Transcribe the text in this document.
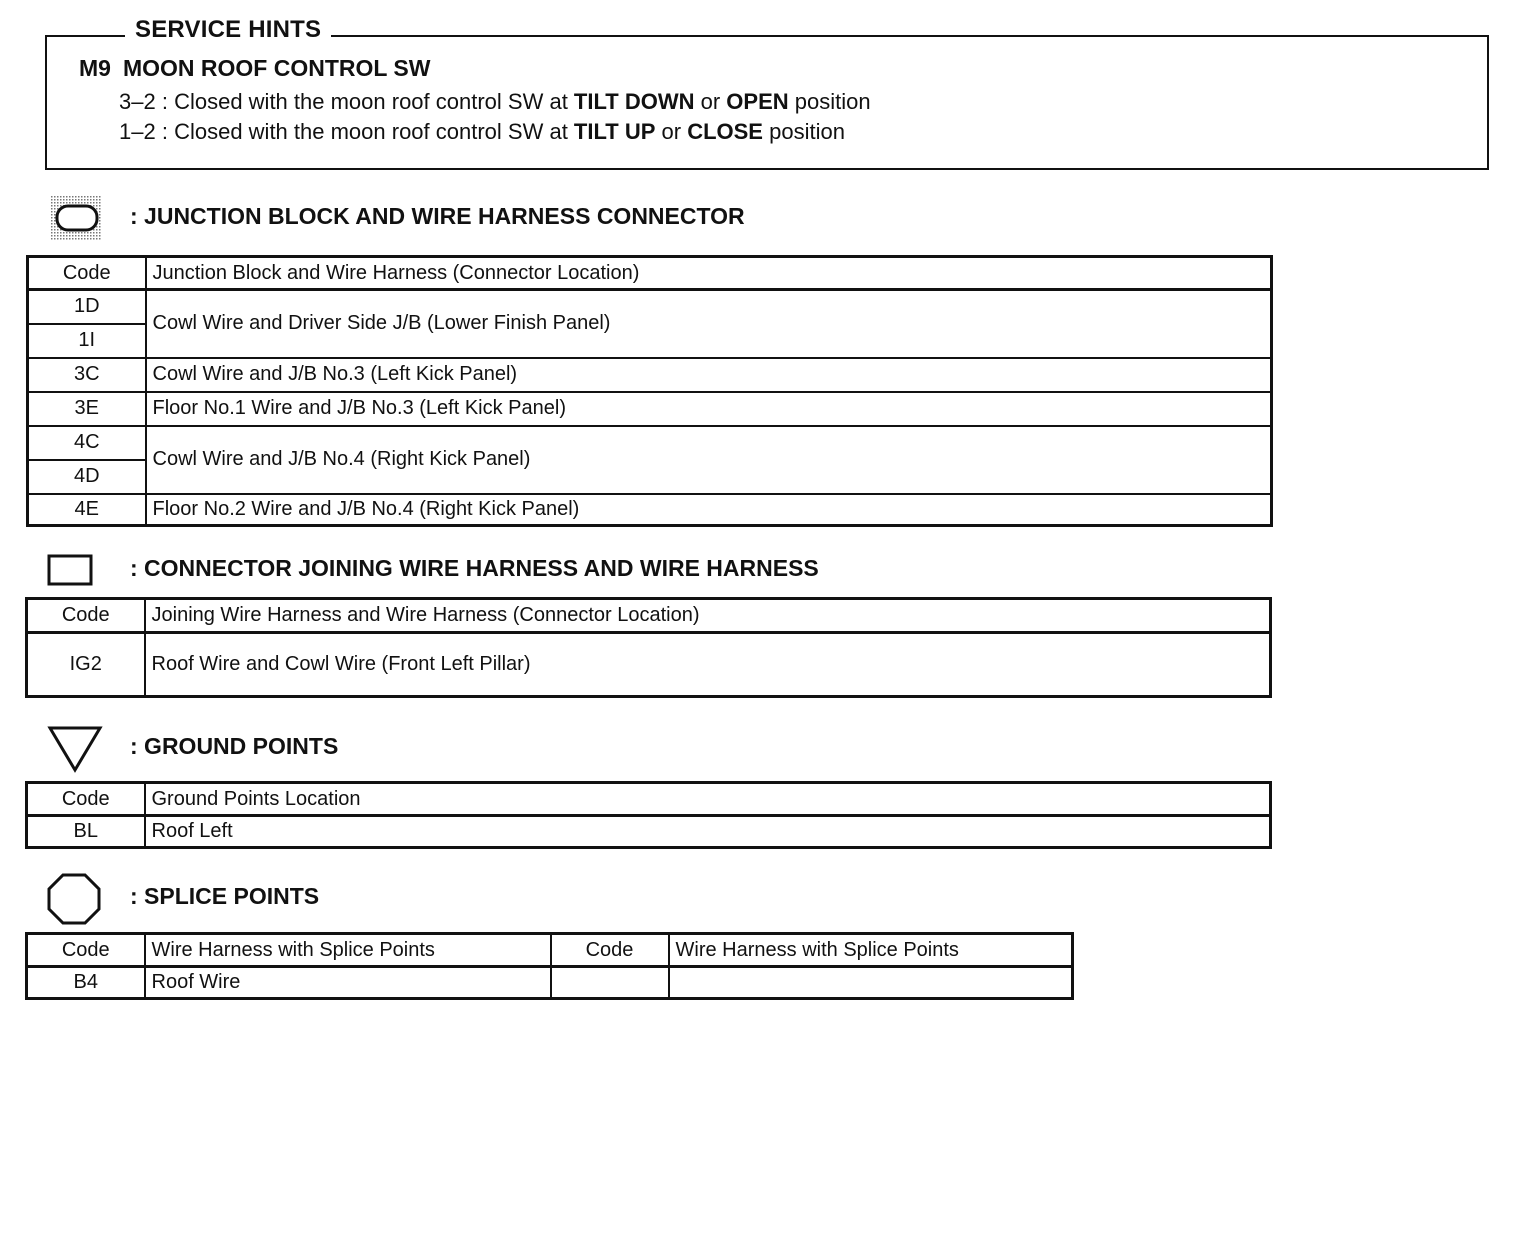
SERVICE HINTS
M9 MOON ROOF CONTROL SW
3–2 : Closed with the moon roof control SW at TILT DOWN or OPEN position
1–2 : Closed with the moon roof control SW at TILT UP or CLOSE position
: JUNCTION BLOCK AND WIRE HARNESS CONNECTOR
Code	Junction Block and Wire Harness (Connector Location)
1D	Cowl Wire and Driver Side J/B (Lower Finish Panel)
1I	
3C	Cowl Wire and J/B No.3 (Left Kick Panel)
3E	Floor No.1 Wire and J/B No.3 (Left Kick Panel)
4C	Cowl Wire and J/B No.4 (Right Kick Panel)
4D	
4E	Floor No.2 Wire and J/B No.4 (Right Kick Panel)
: CONNECTOR JOINING WIRE HARNESS AND WIRE HARNESS
Code	Joining Wire Harness and Wire Harness (Connector Location)
IG2	Roof Wire and Cowl Wire (Front Left Pillar)
: GROUND POINTS
Code	Ground Points Location
BL	Roof Left
: SPLICE POINTS
Code	Wire Harness with Splice Points	Code	Wire Harness with Splice Points
B4	Roof Wire		
